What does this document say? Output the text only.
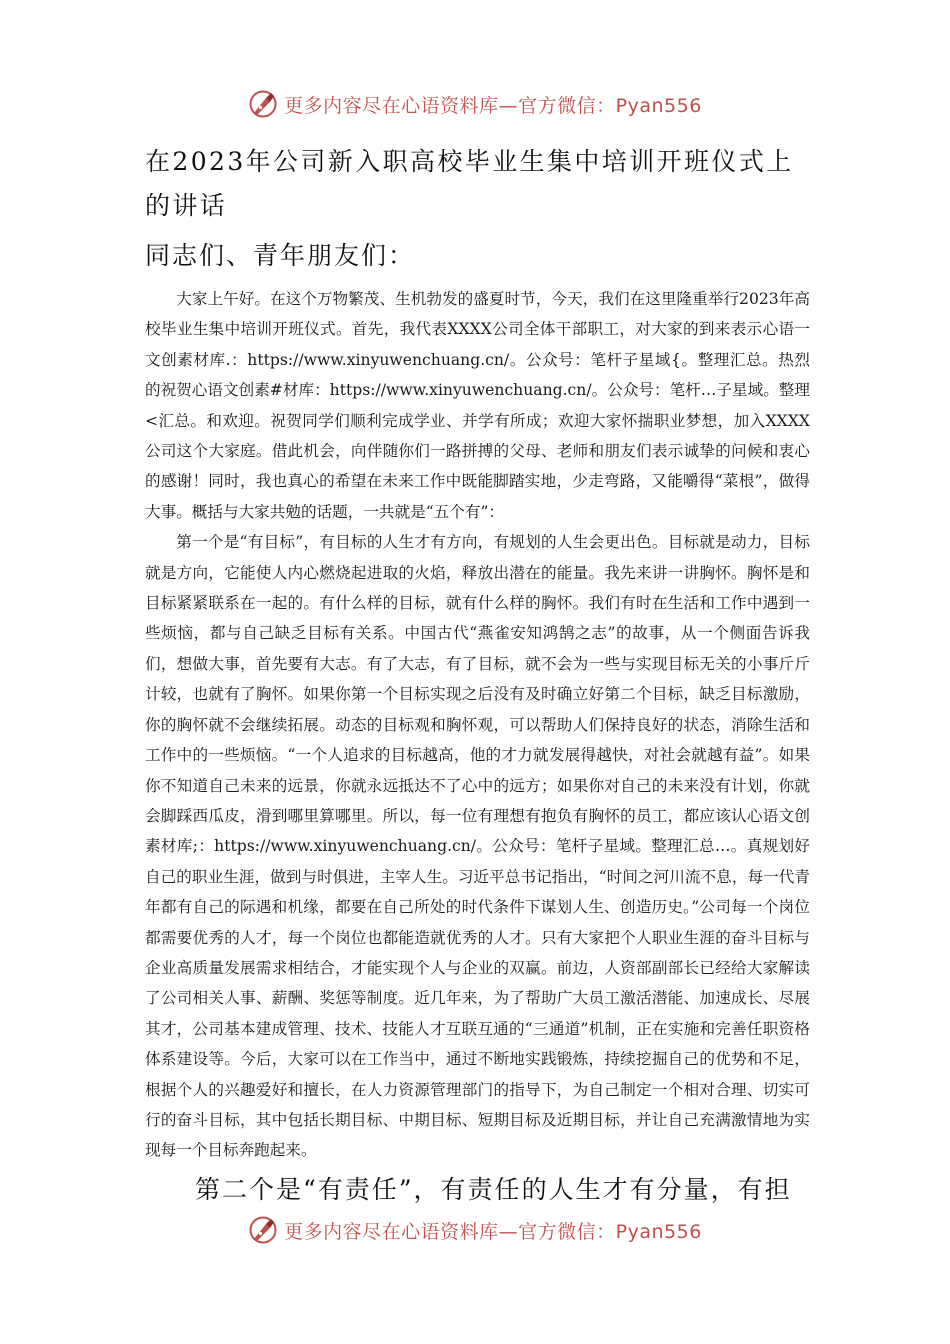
更多内容尽在心语资料库—官方微信：Pyan556
在2023年公司新入职高校毕业生集中培训开班仪式上的讲话
同志们、青年朋友们：

大家上午好。在这个万物繁茂、生机勃发的盛夏时节，今天，我们在这里隆重举行2023年高校毕业生集中培训开班仪式。首先，我代表XXXX公司全体干部职工，对大家的到来表示心语一文创素材库.：https://www.xinyuwenchuang.cn/。公众号：笔杆子星域{。整理汇总。热烈的祝贺心语文创素#材库：https://www.xinyuwenchuang.cn/。公众号：笔杆…子星域。整理<汇总。和欢迎。祝贺同学们顺利完成学业、并学有所成；欢迎大家怀揣职业梦想，加入XXXX公司这个大家庭。借此机会，向伴随你们一路拼搏的父母、老师和朋友们表示诚挚的问候和衷心的感谢！同时，我也真心的希望在未来工作中既能脚踏实地，少走弯路，又能嚼得“菜根”，做得大事。概括与大家共勉的话题，一共就是“五个有”：

第一个是“有目标”，有目标的人生才有方向，有规划的人生会更出色。目标就是动力，目标就是方向，它能使人内心燃烧起进取的火焰，释放出潜在的能量。我先来讲一讲胸怀。胸怀是和目标紧紧联系在一起的。有什么样的目标，就有什么样的胸怀。我们有时在生活和工作中遇到一些烦恼，都与自己缺乏目标有关系。中国古代“燕雀安知鸿鹄之志”的故事，从一个侧面告诉我们，想做大事，首先要有大志。有了大志，有了目标，就不会为一些与实现目标无关的小事斤斤计较，也就有了胸怀。如果你第一个目标实现之后没有及时确立好第二个目标，缺乏目标激励，你的胸怀就不会继续拓展。动态的目标观和胸怀观，可以帮助人们保持良好的状态，消除生活和工作中的一些烦恼。“一个人追求的目标越高，他的才力就发展得越快，对社会就越有益”。如果你不知道自己未来的远景，你就永远抵达不了心中的远方；如果你对自己的未来没有计划，你就会脚踩西瓜皮，滑到哪里算哪里。所以，每一位有理想有抱负有胸怀的员工，都应该认心语文创素材库;：https://www.xinyuwenchuang.cn/。公众号：笔杆子星域。整理汇总…。真规划好自己的职业生涯，做到与时俱进，主宰人生。习近平总书记指出，“时间之河川流不息，每一代青年都有自己的际遇和机缘，都要在自己所处的时代条件下谋划人生、创造历史。”公司每一个岗位都需要优秀的人才，每一个岗位也都能造就优秀的人才。只有大家把个人职业生涯的奋斗目标与企业高质量发展需求相结合，才能实现个人与企业的双赢。前边，人资部副部长已经给大家解读了公司相关人事、薪酬、奖惩等制度。近几年来，为了帮助广大员工激活潜能、加速成长、尽展其才，公司基本建成管理、技术、技能人才互联互通的“三通道”机制，正在实施和完善任职资格体系建设等。今后，大家可以在工作当中，通过不断地实践锻炼，持续挖掘自己的优势和不足，根据个人的兴趣爱好和擅长，在人力资源管理部门的指导下，为自己制定一个相对合理、切实可行的奋斗目标，其中包括长期目标、中期目标、短期目标及近期目标，并让自己充满激情地为实现每一个目标奔跑起来。

第二个是“有责任”，有责任的人生才有分量，有担
更多内容尽在心语资料库—官方微信：Pyan556
